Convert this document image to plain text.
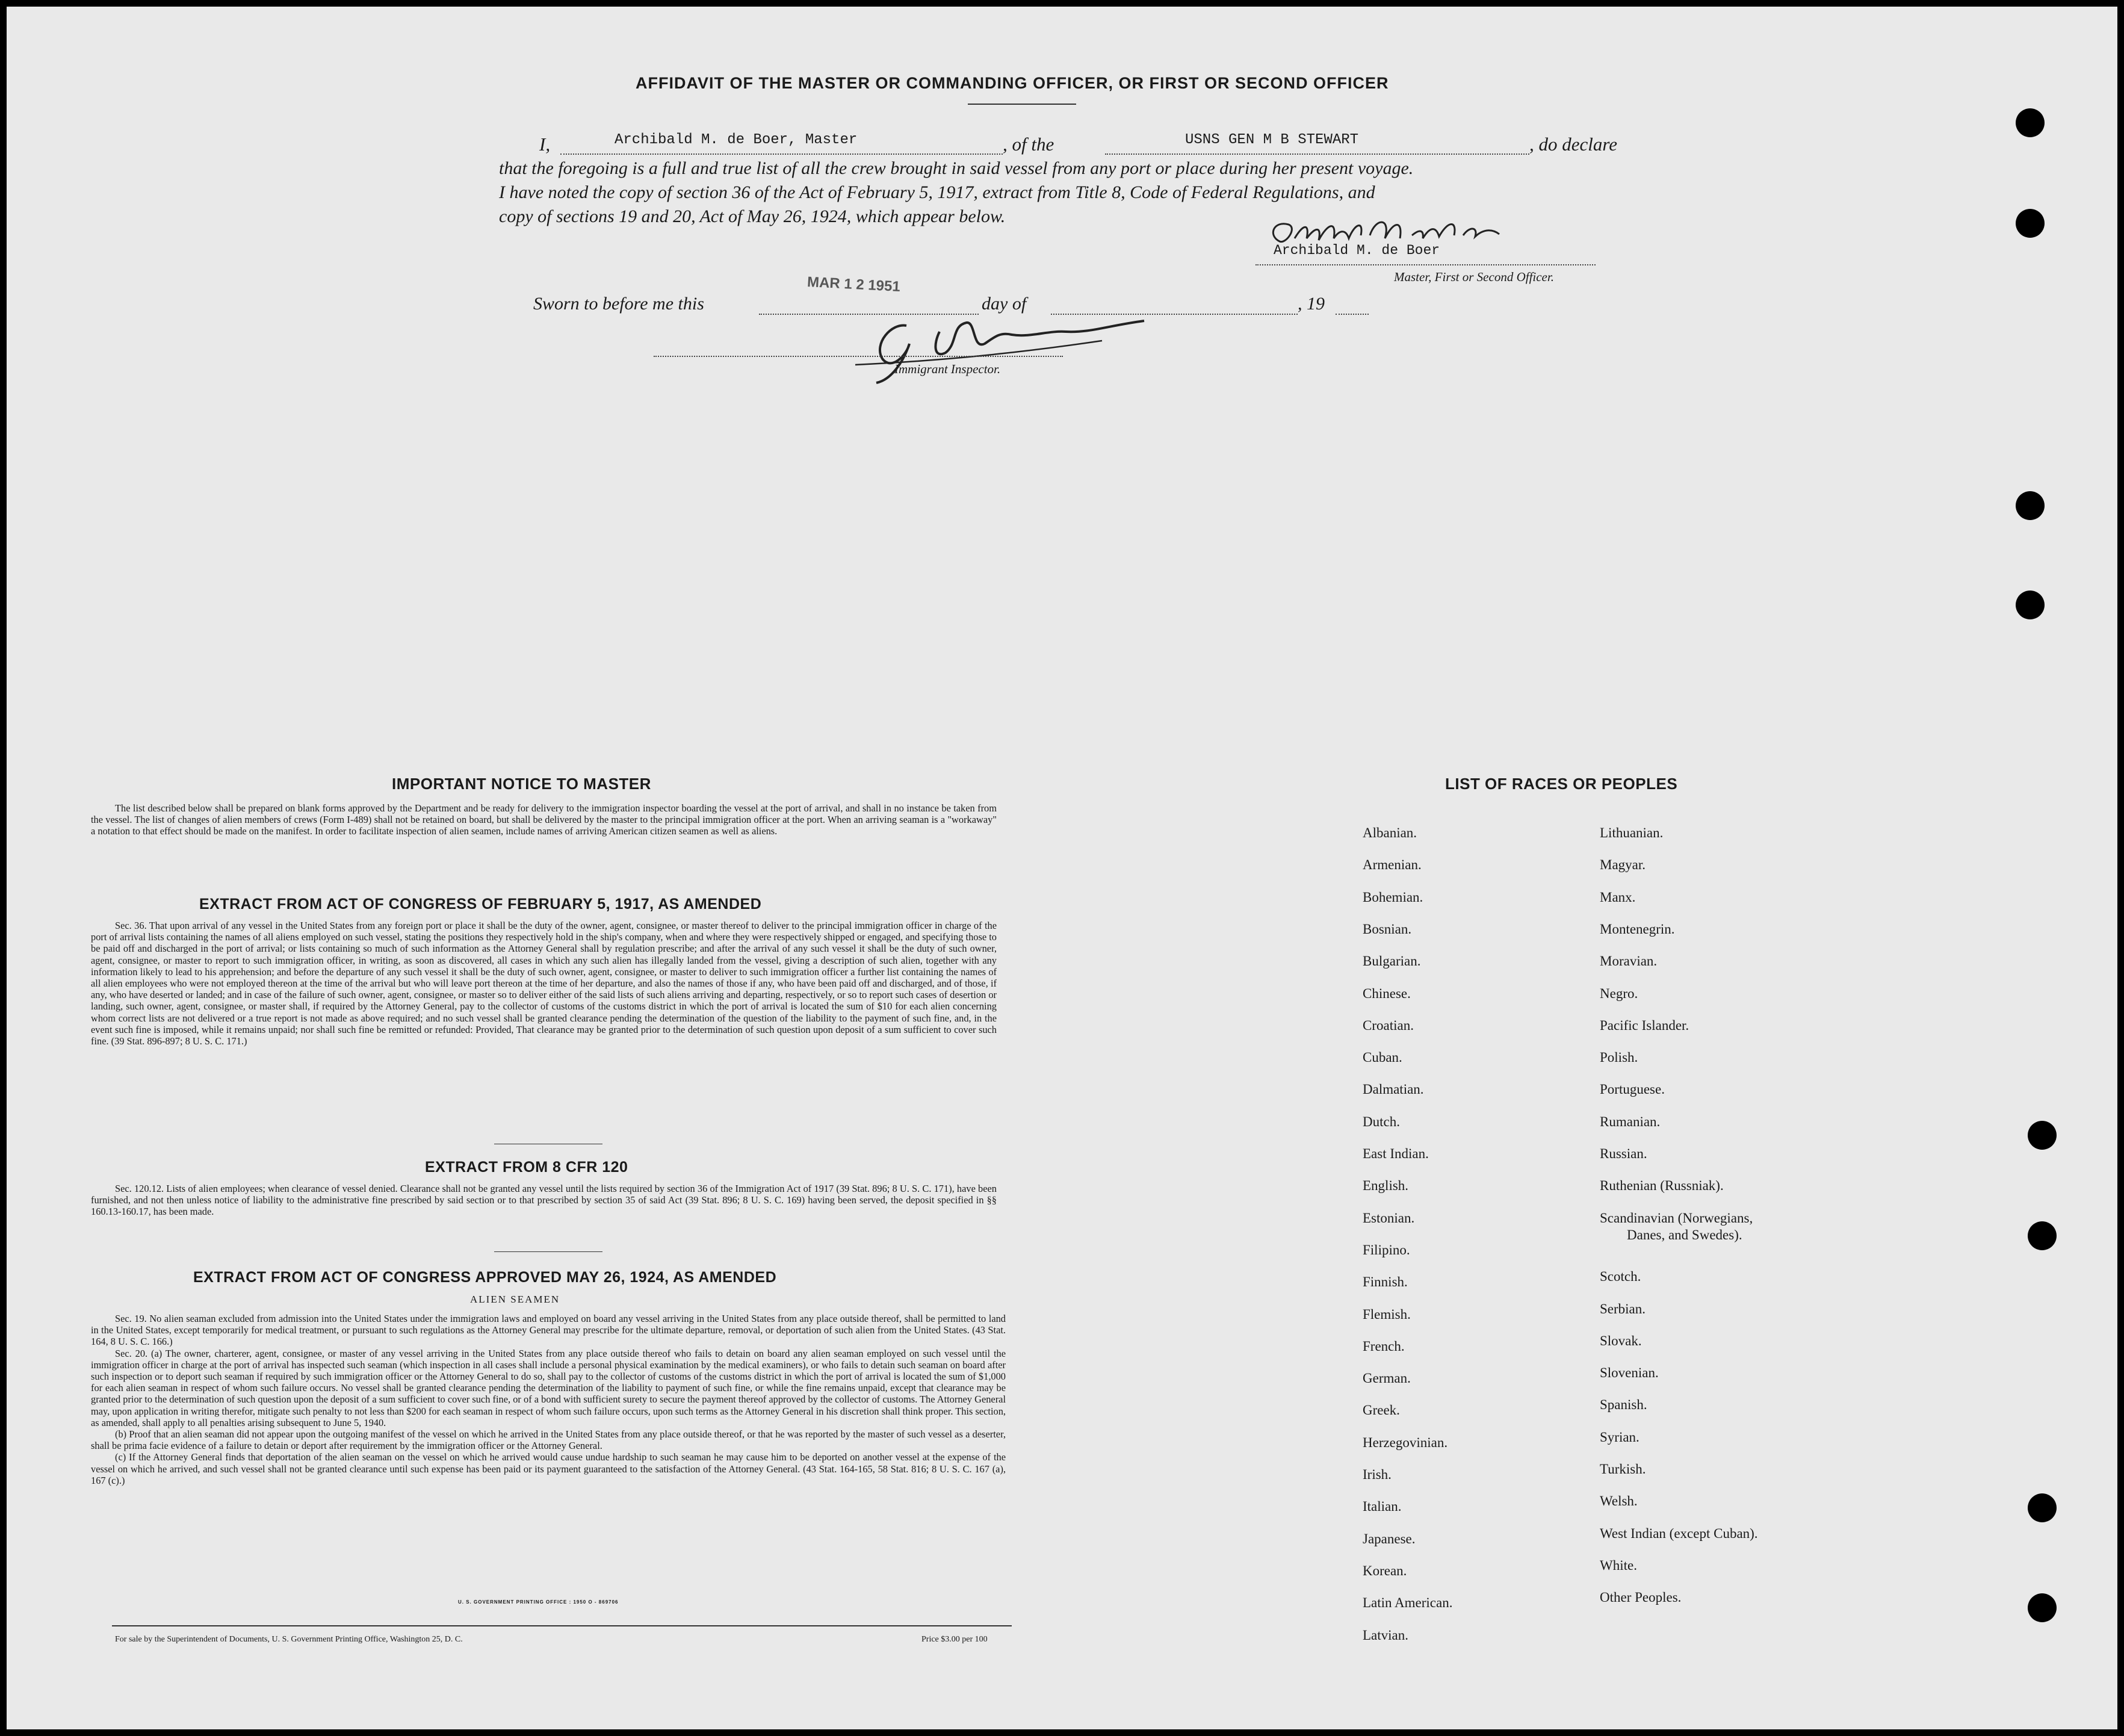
AFFIDAVIT OF THE MASTER OR COMMANDING OFFICER, OR FIRST OR SECOND OFFICER
I,	Archibald M. de Boer, Master	, of the	USNS GEN M B STEWART	, do declare
that the foregoing is a full and true list of all the crew brought in said vessel from any port or place during her present voyage.
I have noted the copy of section 36 of the Act of February 5, 1917, extract from Title 8, Code of Federal Regulations, and
copy of sections 19 and 20, Act of May 26, 1924, which appear below.
Archibald M. de Boer
Master, First or Second Officer.
Sworn to before me this
MAR 1 2 1951
day of	, 19
Immigrant Inspector.
IMPORTANT NOTICE TO MASTER

The list described below shall be prepared on blank forms approved by the Department and be ready for delivery to the immigration inspector boarding the vessel at the port of arrival, and shall in no instance be taken from the vessel. The list of changes of alien members of crews (Form I-489) shall not be retained on board, but shall be delivered by the master to the principal immigration officer at the port. When an arriving seaman is a "workaway" a notation to that effect should be made on the manifest. In order to facilitate inspection of alien seamen, include names of arriving American citizen seamen as well as aliens.

EXTRACT FROM ACT OF CONGRESS OF FEBRUARY 5, 1917, AS AMENDED

Sec. 36. That upon arrival of any vessel in the United States from any foreign port or place it shall be the duty of the owner, agent, consignee, or master thereof to deliver to the principal immigration officer in charge of the port of arrival lists containing the names of all aliens employed on such vessel, stating the positions they respectively hold in the ship's company, when and where they were respectively shipped or engaged, and specifying those to be paid off and discharged in the port of arrival; or lists containing so much of such information as the Attorney General shall by regulation prescribe; and after the arrival of any such vessel it shall be the duty of such owner, agent, consignee, or master to report to such immigration officer, in writing, as soon as discovered, all cases in which any such alien has illegally landed from the vessel, giving a description of such alien, together with any information likely to lead to his apprehension; and before the departure of any such vessel it shall be the duty of such owner, agent, consignee, or master to deliver to such immigration officer a further list containing the names of all alien employees who were not employed thereon at the time of the arrival but who will leave port thereon at the time of her departure, and also the names of those if any, who have been paid off and discharged, and of those, if any, who have deserted or landed; and in case of the failure of such owner, agent, consignee, or master so to deliver either of the said lists of such aliens arriving and departing, respectively, or so to report such cases of desertion or landing, such owner, agent, consignee, or master shall, if required by the Attorney General, pay to the collector of customs of the customs district in which the port of arrival is located the sum of $10 for each alien concerning whom correct lists are not delivered or a true report is not made as above required; and no such vessel shall be granted clearance pending the determination of the question of the liability to the payment of such fine, and, in the event such fine is imposed, while it remains unpaid; nor shall such fine be remitted or refunded: Provided, That clearance may be granted prior to the determination of such question upon deposit of a sum sufficient to cover such fine. (39 Stat. 896-897; 8 U. S. C. 171.)

EXTRACT FROM 8 CFR 120

Sec. 120.12. Lists of alien employees; when clearance of vessel denied. Clearance shall not be granted any vessel until the lists required by section 36 of the Immigration Act of 1917 (39 Stat. 896; 8 U. S. C. 171), have been furnished, and not then unless notice of liability to the administrative fine prescribed by said section or to that prescribed by section 35 of said Act (39 Stat. 896; 8 U. S. C. 169) having been served, the deposit specified in §§ 160.13-160.17, has been made.

EXTRACT FROM ACT OF CONGRESS APPROVED MAY 26, 1924, AS AMENDED
ALIEN SEAMEN

Sec. 19. No alien seaman excluded from admission into the United States under the immigration laws and employed on board any vessel arriving in the United States from any place outside thereof, shall be permitted to land in the United States, except temporarily for medical treatment, or pursuant to such regulations as the Attorney General may prescribe for the ultimate departure, removal, or deportation of such alien from the United States. (43 Stat. 164, 8 U. S. C. 166.)

Sec. 20. (a) The owner, charterer, agent, consignee, or master of any vessel arriving in the United States from any place outside thereof who fails to detain on board any alien seaman employed on such vessel until the immigration officer in charge at the port of arrival has inspected such seaman (which inspection in all cases shall include a personal physical examination by the medical examiners), or who fails to detain such seaman on board after such inspection or to deport such seaman if required by such immigration officer or the Attorney General to do so, shall pay to the collector of customs of the customs district in which the port of arrival is located the sum of $1,000 for each alien seaman in respect of whom such failure occurs. No vessel shall be granted clearance pending the determination of the liability to payment of such fine, or while the fine remains unpaid, except that clearance may be granted prior to the determination of such question upon the deposit of a sum sufficient to cover such fine, or of a bond with sufficient surety to secure the payment thereof approved by the collector of customs. The Attorney General may, upon application in writing therefor, mitigate such penalty to not less than $200 for each seaman in respect of whom such failure occurs, upon such terms as the Attorney General in his discretion shall think proper. This section, as amended, shall apply to all penalties arising subsequent to June 5, 1940.

(b) Proof that an alien seaman did not appear upon the outgoing manifest of the vessel on which he arrived in the United States from any place outside thereof, or that he was reported by the master of such vessel as a deserter, shall be prima facie evidence of a failure to detain or deport after requirement by the immigration officer or the Attorney General.

(c) If the Attorney General finds that deportation of the alien seaman on the vessel on which he arrived would cause undue hardship to such seaman he may cause him to be deported on another vessel at the expense of the vessel on which he arrived, and such vessel shall not be granted clearance until such expense has been paid or its payment guaranteed to the satisfaction of the Attorney General. (43 Stat. 164-165, 58 Stat. 816; 8 U. S. C. 167 (a), 167 (c).)

U. S. GOVERNMENT PRINTING OFFICE : 1950 O - 869706
For sale by the Superintendent of Documents, U. S. Government Printing Office, Washington 25, D. C.	Price $3.00 per 100
LIST OF RACES OR PEOPLES
Albanian.
Armenian.
Bohemian.
Bosnian.
Bulgarian.
Chinese.
Croatian.
Cuban.
Dalmatian.
Dutch.
East Indian.
English.
Estonian.
Filipino.
Finnish.
Flemish.
French.
German.
Greek.
Herzegovinian.
Irish.
Italian.
Japanese.
Korean.
Latin American.
Latvian.
Lithuanian.
Magyar.
Manx.
Montenegrin.
Moravian.
Negro.
Pacific Islander.
Polish.
Portuguese.
Rumanian.
Russian.
Ruthenian (Russniak).
Scandinavian (Norwegians,
Danes, and Swedes).
Scotch.
Serbian.
Slovak.
Slovenian.
Spanish.
Syrian.
Turkish.
Welsh.
West Indian (except Cuban).
White.
Other Peoples.
